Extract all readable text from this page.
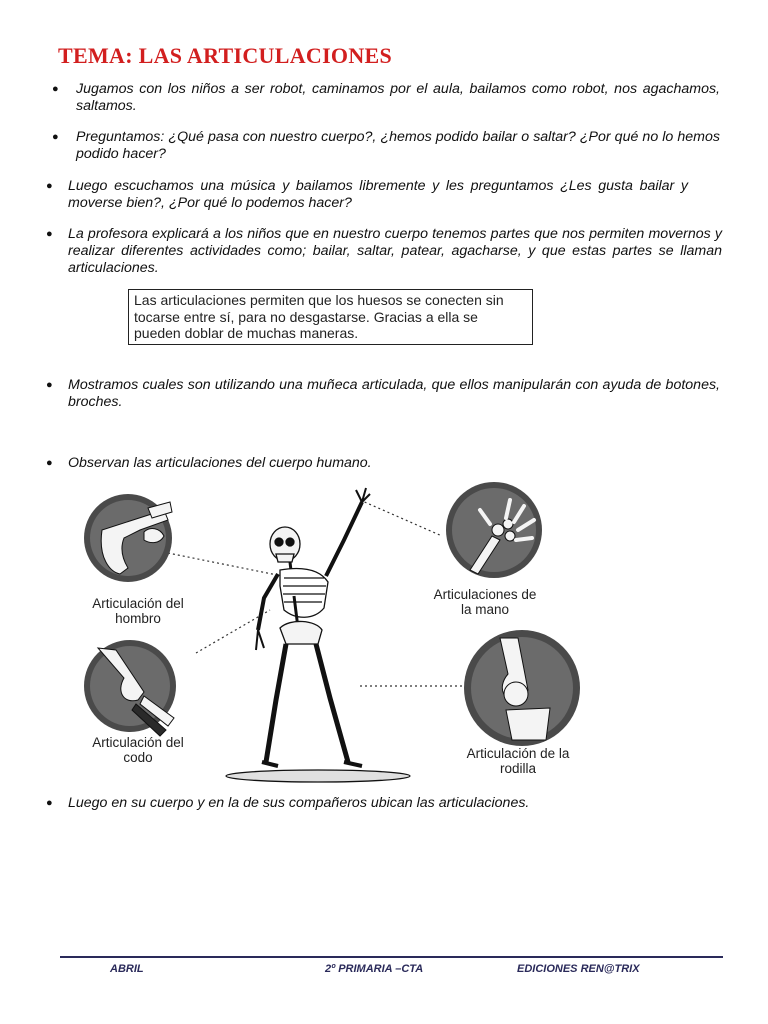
TEMA: LAS ARTICULACIONES
●	Jugamos con los niños a ser robot, caminamos por el aula, bailamos como robot, nos agachamos, saltamos.
●	Preguntamos: ¿Qué pasa con nuestro cuerpo?, ¿hemos podido bailar o saltar? ¿Por qué no lo hemos podido hacer?
●	Luego escuchamos una música y bailamos libremente y les preguntamos ¿Les gusta bailar y moverse bien?, ¿Por qué lo podemos hacer?
●	La profesora explicará a los niños que en nuestro cuerpo tenemos partes que nos permiten movernos y realizar diferentes actividades como; bailar, saltar, patear, agacharse, y que estas partes se llaman articulaciones.
Las articulaciones permiten que los huesos se conecten sin tocarse entre sí, para no desgastarse. Gracias a ella se pueden doblar de muchas maneras.
●	Mostramos cuales son utilizando una muñeca articulada, que ellos manipularán con ayuda de botones, broches.
●	Observan las articulaciones del cuerpo humano.
Articulación del
hombro
Articulación del
codo
Articulaciones de
la mano
Articulación de la
rodilla
●	Luego en su cuerpo y en la de sus compañeros ubican las articulaciones.
ABRIL	2º PRIMARIA –CTA	EDICIONES REN@TRIX
